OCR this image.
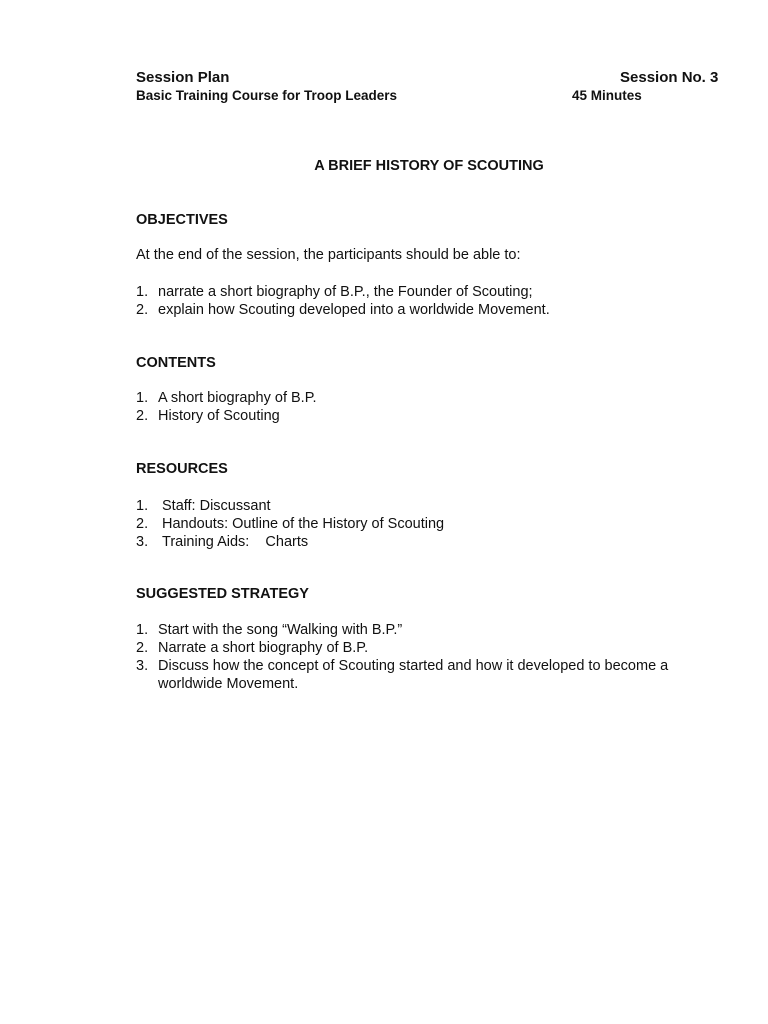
Session Plan
Basic Training Course for Troop Leaders
Session No. 3
45 Minutes
A BRIEF HISTORY OF SCOUTING
OBJECTIVES
At the end of the session, the participants should be able to:
1. narrate a short biography of B.P., the Founder of Scouting;
2. explain how Scouting developed into a worldwide Movement.
CONTENTS
1. A short biography of B.P.
2. History of Scouting
RESOURCES
1. Staff: Discussant
2. Handouts: Outline of the History of Scouting
3. Training Aids:    Charts
SUGGESTED STRATEGY
1. Start with the song “Walking with B.P.”
2. Narrate a short biography of B.P.
3. Discuss how the concept of Scouting started and how it developed to become a worldwide Movement.
